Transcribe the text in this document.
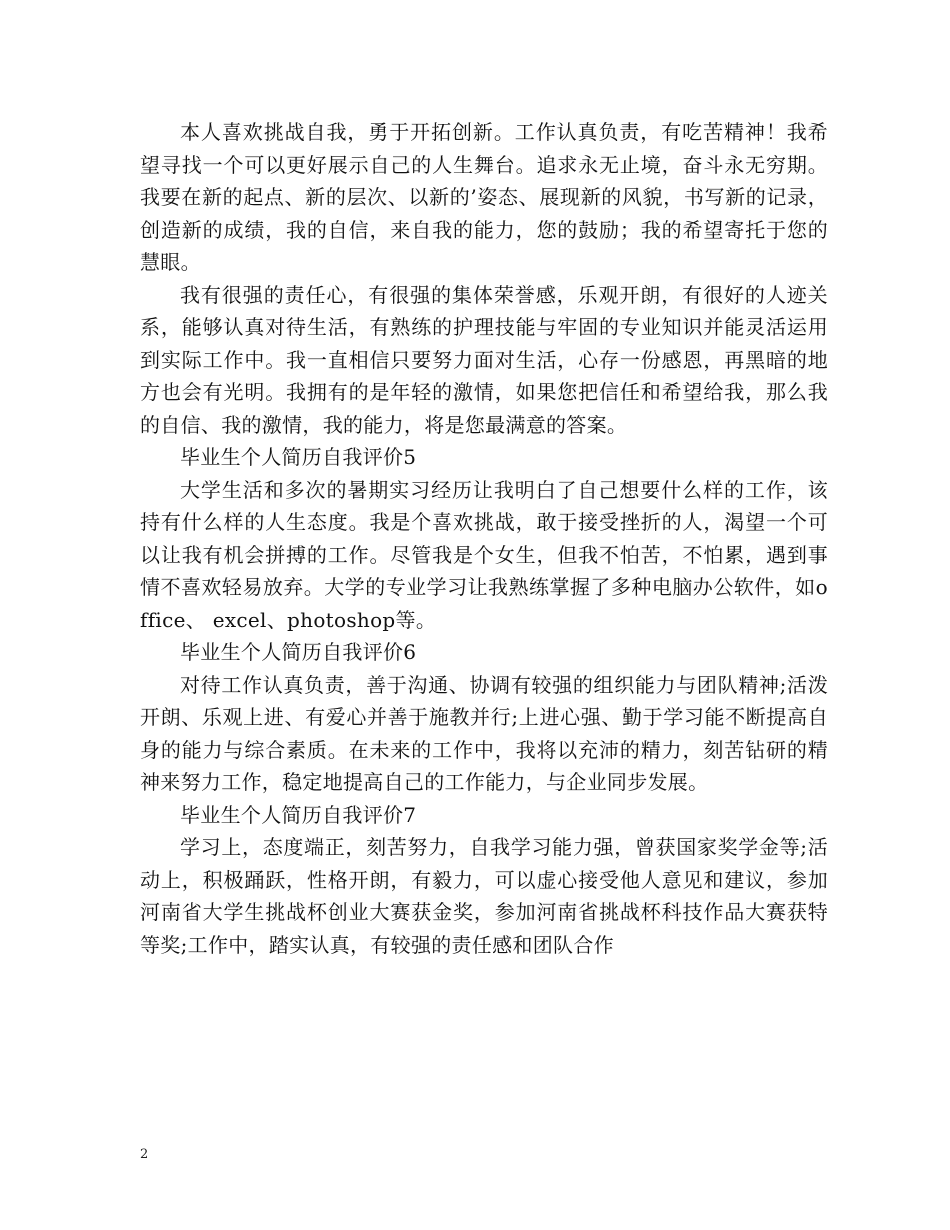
本人喜欢挑战自我，勇于开拓创新。工作认真负责，有吃苦精神！我希望寻找一个可以更好展示自己的人生舞台。追求永无止境，奋斗永无穷期。我要在新的起点、新的层次、以新的’姿态、展现新的风貌，书写新的记录，创造新的成绩，我的自信，来自我的能力，您的鼓励；我的希望寄托于您的慧眼。

我有很强的责任心，有很强的集体荣誉感，乐观开朗，有很好的人迹关系，能够认真对待生活，有熟练的护理技能与牢固的专业知识并能灵活运用到实际工作中。我一直相信只要努力面对生活，心存一份感恩，再黑暗的地方也会有光明。我拥有的是年轻的激情，如果您把信任和希望给我，那么我的自信、我的激情，我的能力，将是您最满意的答案。

毕业生个人简历自我评价5

大学生活和多次的暑期实习经历让我明白了自己想要什么样的工作，该持有什么样的人生态度。我是个喜欢挑战，敢于接受挫折的人，渴望一个可以让我有机会拼搏的工作。尽管我是个女生，但我不怕苦，不怕累，遇到事情不喜欢轻易放弃。大学的专业学习让我熟练掌握了多种电脑办公软件，如office、 excel、photoshop等。

毕业生个人简历自我评价6

对待工作认真负责，善于沟通、协调有较强的组织能力与团队精神;活泼开朗、乐观上进、有爱心并善于施教并行;上进心强、勤于学习能不断提高自身的能力与综合素质。在未来的工作中，我将以充沛的精力，刻苦钻研的精神来努力工作，稳定地提高自己的工作能力，与企业同步发展。

毕业生个人简历自我评价7

学习上，态度端正，刻苦努力，自我学习能力强，曾获国家奖学金等;活动上，积极踊跃，性格开朗，有毅力，可以虚心接受他人意见和建议，参加河南省大学生挑战杯创业大赛获金奖，参加河南省挑战杯科技作品大赛获特等奖;工作中，踏实认真，有较强的责任感和团队合作

2
